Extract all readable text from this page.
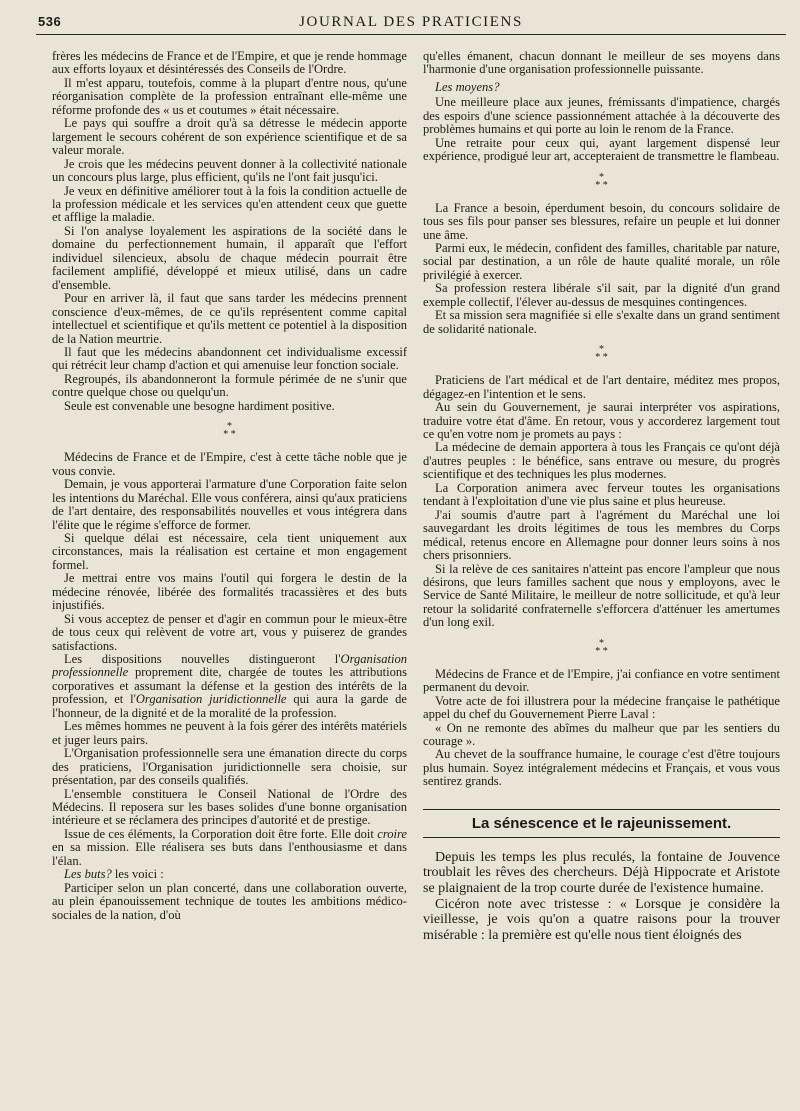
536	JOURNAL DES PRATICIENS

frères les médecins de France et de l'Empire, et que je rende hommage aux efforts loyaux et désintéressés des Conseils de l'Ordre.

Il m'est apparu, toutefois, comme à la plupart d'entre nous, qu'une réorganisation complète de la profession entraînant elle-même une réforme profonde des « us et coutumes » était nécessaire.

Le pays qui souffre a droit qu'à sa détresse le médecin apporte largement le secours cohérent de son expérience scientifique et de sa valeur morale.

Je crois que les médecins peuvent donner à la collectivité nationale un concours plus large, plus efficient, qu'ils ne l'ont fait jusqu'ici.

Je veux en définitive améliorer tout à la fois la condition actuelle de la profession médicale et les services qu'en attendent ceux que guette et afflige la maladie.

Si l'on analyse loyalement les aspirations de la société dans le domaine du perfectionnement humain, il apparaît que l'effort individuel silencieux, absolu de chaque médecin pourrait être facilement amplifié, développé et mieux utilisé, dans un cadre d'ensemble.

Pour en arriver là, il faut que sans tarder les médecins prennent conscience d'eux-mêmes, de ce qu'ils représentent comme capital intellectuel et scientifique et qu'ils mettent ce potentiel à la disposition de la Nation meurtrie.

Il faut que les médecins abandonnent cet individualisme excessif qui rétrécit leur champ d'action et qui amenuise leur fonction sociale.

Regroupés, ils abandonneront la formule périmée de ne s'unir que contre quelque chose ou quelqu'un.

Seule est convenable une besogne hardiment positive.

*
* *

Médecins de France et de l'Empire, c'est à cette tâche noble que je vous convie.

Demain, je vous apporterai l'armature d'une Corporation faite selon les intentions du Maréchal. Elle vous conférera, ainsi qu'aux praticiens de l'art dentaire, des responsabilités nouvelles et vous intégrera dans l'élite que le régime s'efforce de former.

Si quelque délai est nécessaire, cela tient uniquement aux circonstances, mais la réalisation est certaine et mon engagement formel.

Je mettrai entre vos mains l'outil qui forgera le destin de la médecine rénovée, libérée des formalités tracassières et des buts injustifiés.

Si vous acceptez de penser et d'agir en commun pour le mieux-être de tous ceux qui relèvent de votre art, vous y puiserez de grandes satisfactions.

Les dispositions nouvelles distingueront l'Organisation professionnelle proprement dite, chargée de toutes les attributions corporatives et assumant la défense et la gestion des intérêts de la profession, et l'Organisation juridictionnelle qui aura la garde de l'honneur, de la dignité et de la moralité de la profession.

Les mêmes hommes ne peuvent à la fois gérer des intérêts matériels et juger leurs pairs.

L'Organisation professionnelle sera une émanation directe du corps des praticiens, l'Organisation juridictionnelle sera choisie, sur présentation, par des conseils qualifiés.

L'ensemble constituera le Conseil National de l'Ordre des Médecins. Il reposera sur les bases solides d'une bonne organisation intérieure et se réclamera des principes d'autorité et de prestige.

Issue de ces éléments, la Corporation doit être forte. Elle doit croire en sa mission. Elle réalisera ses buts dans l'enthousiasme et dans l'élan.

Les buts? les voici :

Participer selon un plan concerté, dans une collaboration ouverte, au plein épanouissement technique de toutes les ambitions médico-sociales de la nation, d'où

qu'elles émanent, chacun donnant le meilleur de ses moyens dans l'harmonie d'une organisation professionnelle puissante.

Les moyens?

Une meilleure place aux jeunes, frémissants d'impatience, chargés des espoirs d'une science passionnément attachée à la découverte des problèmes humains et qui porte au loin le renom de la France.

Une retraite pour ceux qui, ayant largement dispensé leur expérience, prodigué leur art, accepteraient de transmettre le flambeau.

*
* *

La France a besoin, éperdument besoin, du concours solidaire de tous ses fils pour panser ses blessures, refaire un peuple et lui donner une âme.

Parmi eux, le médecin, confident des familles, charitable par nature, social par destination, a un rôle de haute qualité morale, un rôle privilégié à exercer.

Sa profession restera libérale s'il sait, par la dignité d'un grand exemple collectif, l'élever au-dessus de mesquines contingences.

Et sa mission sera magnifiée si elle s'exalte dans un grand sentiment de solidarité nationale.

*
* *

Praticiens de l'art médical et de l'art dentaire, méditez mes propos, dégagez-en l'intention et le sens.

Au sein du Gouvernement, je saurai interpréter vos aspirations, traduire votre état d'âme. En retour, vous y accorderez largement tout ce qu'en votre nom je promets au pays :

La médecine de demain apportera à tous les Français ce qu'ont déjà d'autres peuples : le bénéfice, sans entrave ou mesure, du progrès scientifique et des techniques les plus modernes.

La Corporation animera avec ferveur toutes les organisations tendant à l'exploitation d'une vie plus saine et plus heureuse.

J'ai soumis d'autre part à l'agrément du Maréchal une loi sauvegardant les droits légitimes de tous les membres du Corps médical, retenus encore en Allemagne pour donner leurs soins à nos chers prisonniers.

Si la relève de ces sanitaires n'atteint pas encore l'ampleur que nous désirons, que leurs familles sachent que nous y employons, avec le Service de Santé Militaire, le meilleur de notre sollicitude, et qu'à leur retour la solidarité confraternelle s'efforcera d'atténuer les amertumes d'un long exil.

*
* *

Médecins de France et de l'Empire, j'ai confiance en votre sentiment permanent du devoir.

Votre acte de foi illustrera pour la médecine française le pathétique appel du chef du Gouvernement Pierre Laval :

« On ne remonte des abîmes du malheur que par les sentiers du courage ».

Au chevet de la souffrance humaine, le courage c'est d'être toujours plus humain. Soyez intégralement médecins et Français, et vous vous sentirez grands.

La sénescence et le rajeunissement.

Depuis les temps les plus reculés, la fontaine de Jouvence troublait les rêves des chercheurs. Déjà Hippocrate et Aristote se plaignaient de la trop courte durée de l'existence humaine.

Cicéron note avec tristesse : « Lorsque je considère la vieillesse, je vois qu'on a quatre raisons pour la trouver misérable : la première est qu'elle nous tient éloignés des
